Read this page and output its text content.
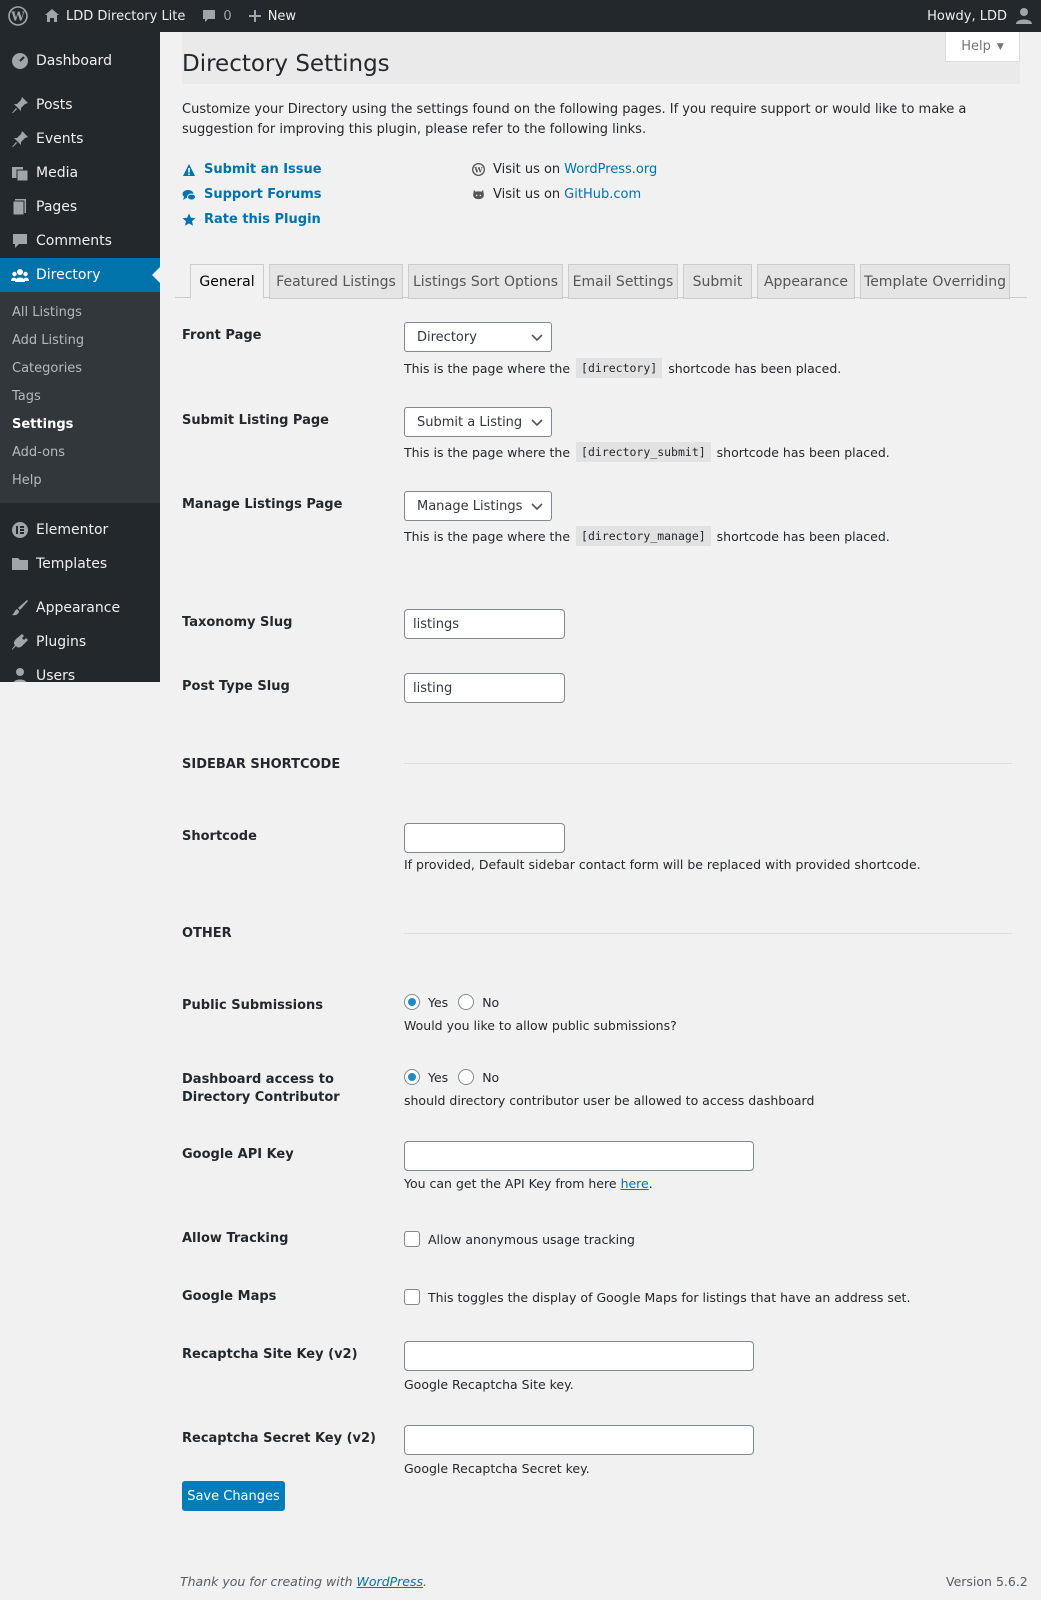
W	LDD Directory Lite	0	New	Howdy, LDD
Dashboard
Posts
Events
Media
Pages
Comments
Directory
All Listings
Add Listing
Categories
Tags
Settings
Add-ons
Help
Elementor
Templates
Appearance
Plugins
Users
Help ▼
Directory Settings
Customize your Directory using the settings found on the following pages. If you require support or would like to make a suggestion for improving this plugin, please refer to the following links.
Submit an Issue
Support Forums
Rate this Plugin
W Visit us on WordPress.org
Visit us on GitHub.com
General	Featured Listings	Listings Sort Options	Email Settings	Submit	Appearance	Template Overriding
Front Page	Directory
This is the page where the [directory] shortcode has been placed.
Submit Listing Page	Submit a Listing
This is the page where the [directory_submit] shortcode has been placed.
Manage Listings Page	Manage Listings
This is the page where the [directory_manage] shortcode has been placed.
Taxonomy Slug	listings
Post Type Slug	listing
SIDEBAR SHORTCODE
Shortcode
If provided, Default sidebar contact form will be replaced with provided shortcode.
OTHER
Public Submissions	Yes	No
Would you like to allow public submissions?
Dashboard access to Directory Contributor
Yes	No
should directory contributor user be allowed to access dashboard
Google API Key
You can get the API Key from here here .
Allow Tracking	Allow anonymous usage tracking
Google Maps	This toggles the display of Google Maps for listings that have an address set.
Recaptcha Site Key (v2)
Google Recaptcha Site key.
Recaptcha Secret Key (v2)
Google Recaptcha Secret key.
Save Changes
Thank you for creating with WordPress.	Version 5.6.2
